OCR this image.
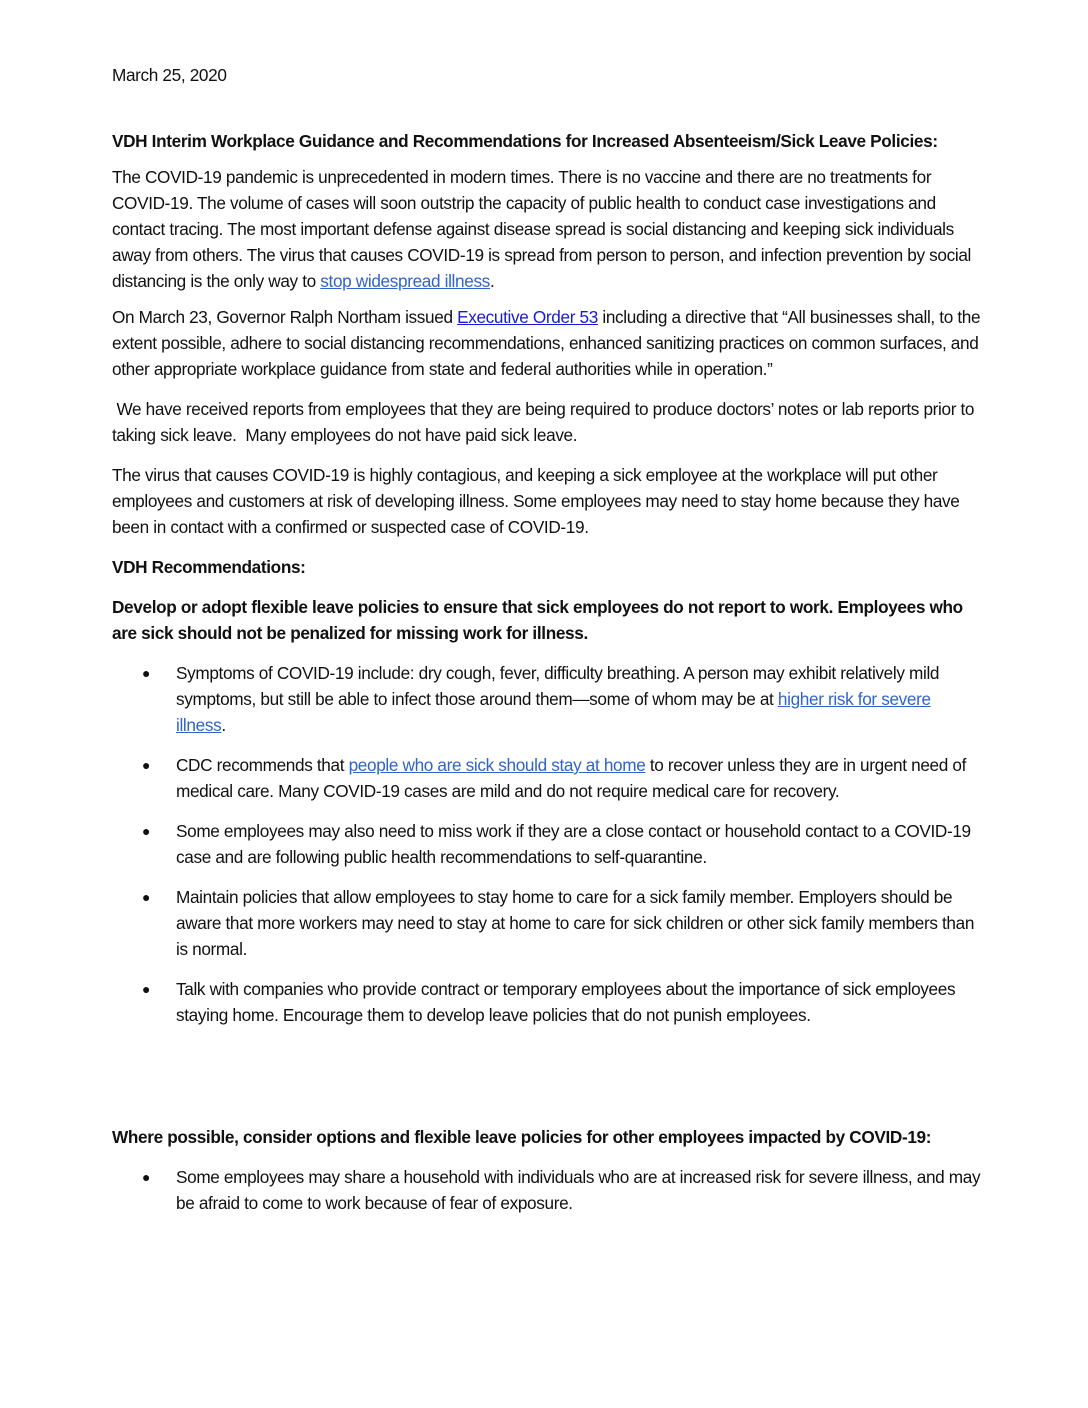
March 25, 2020

VDH Interim Workplace Guidance and Recommendations for Increased Absenteeism/Sick Leave Policies:

The COVID-19 pandemic is unprecedented in modern times. There is no vaccine and there are no treatments for COVID-19. The volume of cases will soon outstrip the capacity of public health to conduct case investigations and contact tracing. The most important defense against disease spread is social distancing and keeping sick individuals away from others. The virus that causes COVID-19 is spread from person to person, and infection prevention by social distancing is the only way to stop widespread illness.

On March 23, Governor Ralph Northam issued Executive Order 53 including a directive that “All businesses shall, to the extent possible, adhere to social distancing recommendations, enhanced sanitizing practices on common surfaces, and other appropriate workplace guidance from state and federal authorities while in operation.”

We have received reports from employees that they are being required to produce doctors’ notes or lab reports prior to taking sick leave.  Many employees do not have paid sick leave.

The virus that causes COVID-19 is highly contagious, and keeping a sick employee at the workplace will put other employees and customers at risk of developing illness. Some employees may need to stay home because they have been in contact with a confirmed or suspected case of COVID-19.

VDH Recommendations:

Develop or adopt flexible leave policies to ensure that sick employees do not report to work. Employees who are sick should not be penalized for missing work for illness.

● Symptoms of COVID-19 include: dry cough, fever, difficulty breathing. A person may exhibit relatively mild symptoms, but still be able to infect those around them—some of whom may be at higher risk for severe illness.
● CDC recommends that people who are sick should stay at home to recover unless they are in urgent need of medical care. Many COVID-19 cases are mild and do not require medical care for recovery.
● Some employees may also need to miss work if they are a close contact or household contact to a COVID-19 case and are following public health recommendations to self-quarantine.
● Maintain policies that allow employees to stay home to care for a sick family member. Employers should be aware that more workers may need to stay at home to care for sick children or other sick family members than is normal.
● Talk with companies who provide contract or temporary employees about the importance of sick employees staying home. Encourage them to develop leave policies that do not punish employees.

Where possible, consider options and flexible leave policies for other employees impacted by COVID-19:

● Some employees may share a household with individuals who are at increased risk for severe illness, and may be afraid to come to work because of fear of exposure.
